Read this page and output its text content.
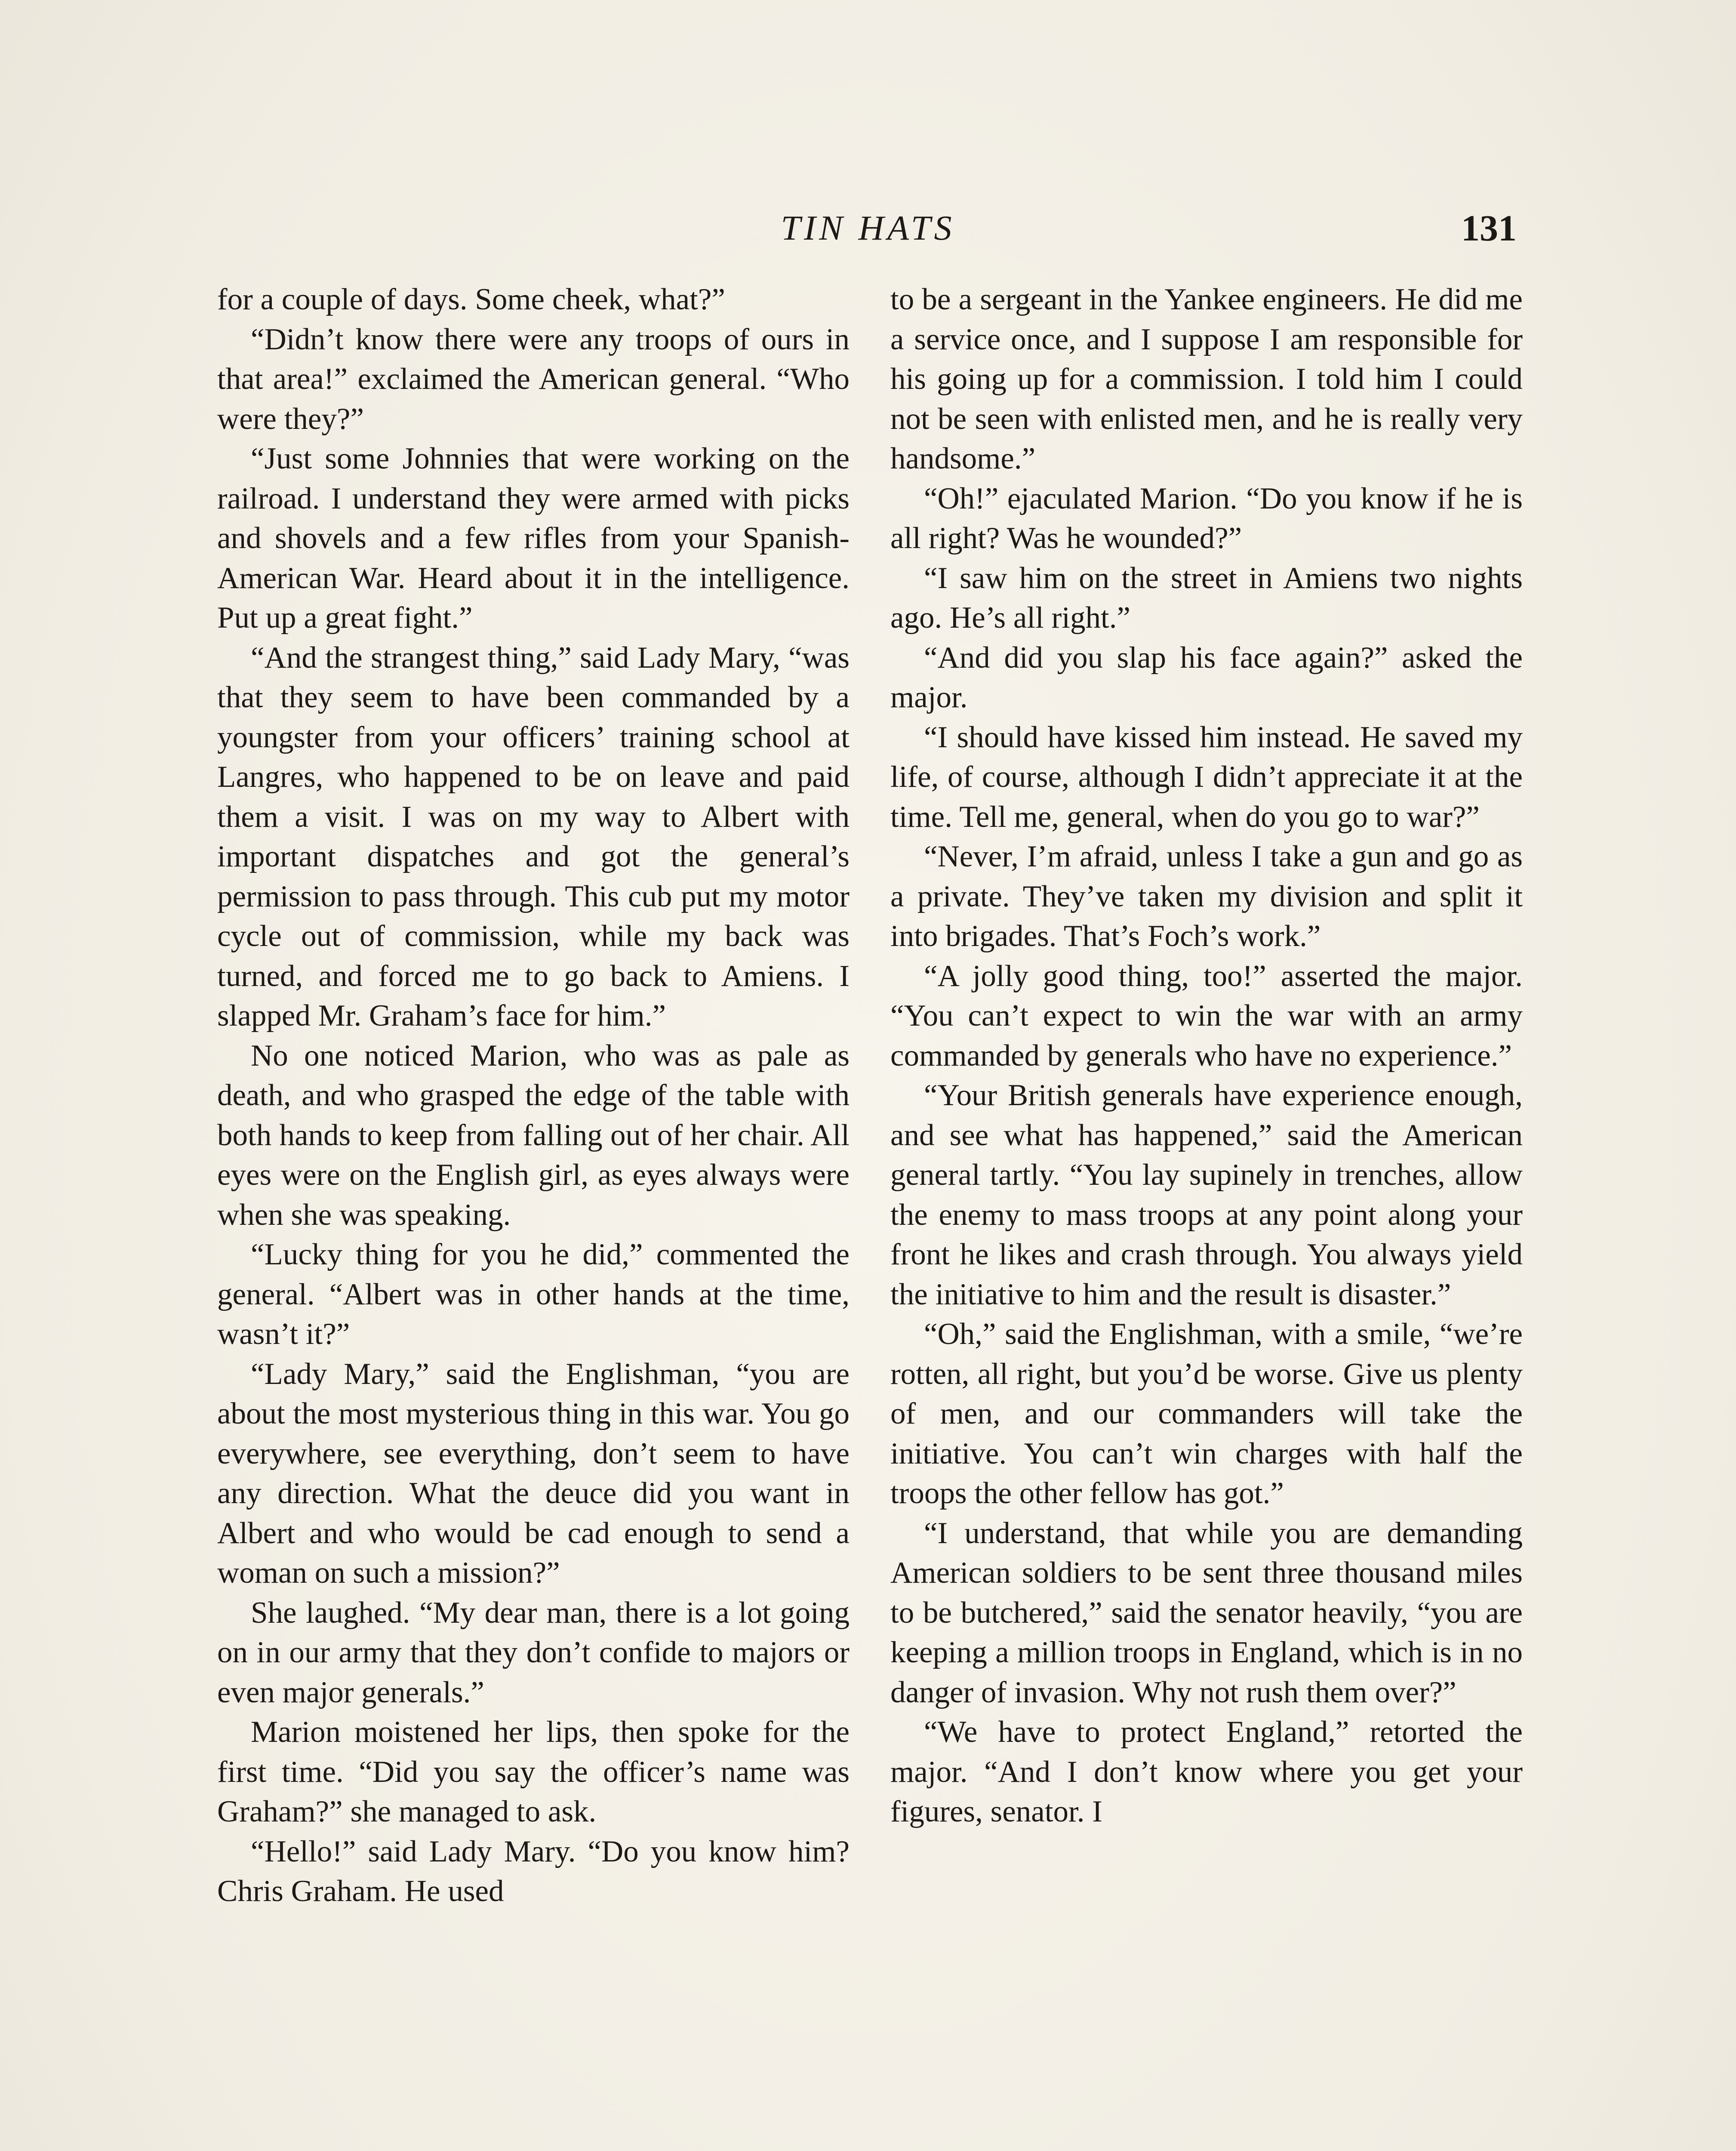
TIN HATS	131

for a couple of days. Some cheek, what?”

“Didn’t know there were any troops of ours in that area!” exclaimed the American general. “Who were they?”

“Just some Johnnies that were working on the railroad. I understand they were armed with picks and shovels and a few rifles from your Spanish-American War. Heard about it in the intelligence. Put up a great fight.”

“And the strangest thing,” said Lady Mary, “was that they seem to have been commanded by a youngster from your officers’ training school at Langres, who happened to be on leave and paid them a visit. I was on my way to Albert with important dispatches and got the general’s permission to pass through. This cub put my motor cycle out of commission, while my back was turned, and forced me to go back to Amiens. I slapped Mr. Graham’s face for him.”

No one noticed Marion, who was as pale as death, and who grasped the edge of the table with both hands to keep from falling out of her chair. All eyes were on the English girl, as eyes always were when she was speaking.

“Lucky thing for you he did,” commented the general. “Albert was in other hands at the time, wasn’t it?”

“Lady Mary,” said the Englishman, “you are about the most mysterious thing in this war. You go everywhere, see everything, don’t seem to have any direction. What the deuce did you want in Albert and who would be cad enough to send a woman on such a mission?”

She laughed. “My dear man, there is a lot going on in our army that they don’t confide to majors or even major generals.”

Marion moistened her lips, then spoke for the first time. “Did you say the officer’s name was Graham?” she managed to ask.

“Hello!” said Lady Mary. “Do you know him? Chris Graham. He used

to be a sergeant in the Yankee engineers. He did me a service once, and I suppose I am responsible for his going up for a commission. I told him I could not be seen with enlisted men, and he is really very handsome.”

“Oh!” ejaculated Marion. “Do you know if he is all right? Was he wounded?”

“I saw him on the street in Amiens two nights ago. He’s all right.”

“And did you slap his face again?” asked the major.

“I should have kissed him instead. He saved my life, of course, although I didn’t appreciate it at the time. Tell me, general, when do you go to war?”

“Never, I’m afraid, unless I take a gun and go as a private. They’ve taken my division and split it into brigades. That’s Foch’s work.”

“A jolly good thing, too!” asserted the major. “You can’t expect to win the war with an army commanded by generals who have no experience.”

“Your British generals have experience enough, and see what has happened,” said the American general tartly. “You lay supinely in trenches, allow the enemy to mass troops at any point along your front he likes and crash through. You always yield the initiative to him and the result is disaster.”

“Oh,” said the Englishman, with a smile, “we’re rotten, all right, but you’d be worse. Give us plenty of men, and our commanders will take the initiative. You can’t win charges with half the troops the other fellow has got.”

“I understand, that while you are demanding American soldiers to be sent three thousand miles to be butchered,” said the senator heavily, “you are keeping a million troops in England, which is in no danger of invasion. Why not rush them over?”

“We have to protect England,” retorted the major. “And I don’t know where you get your figures, senator. I
